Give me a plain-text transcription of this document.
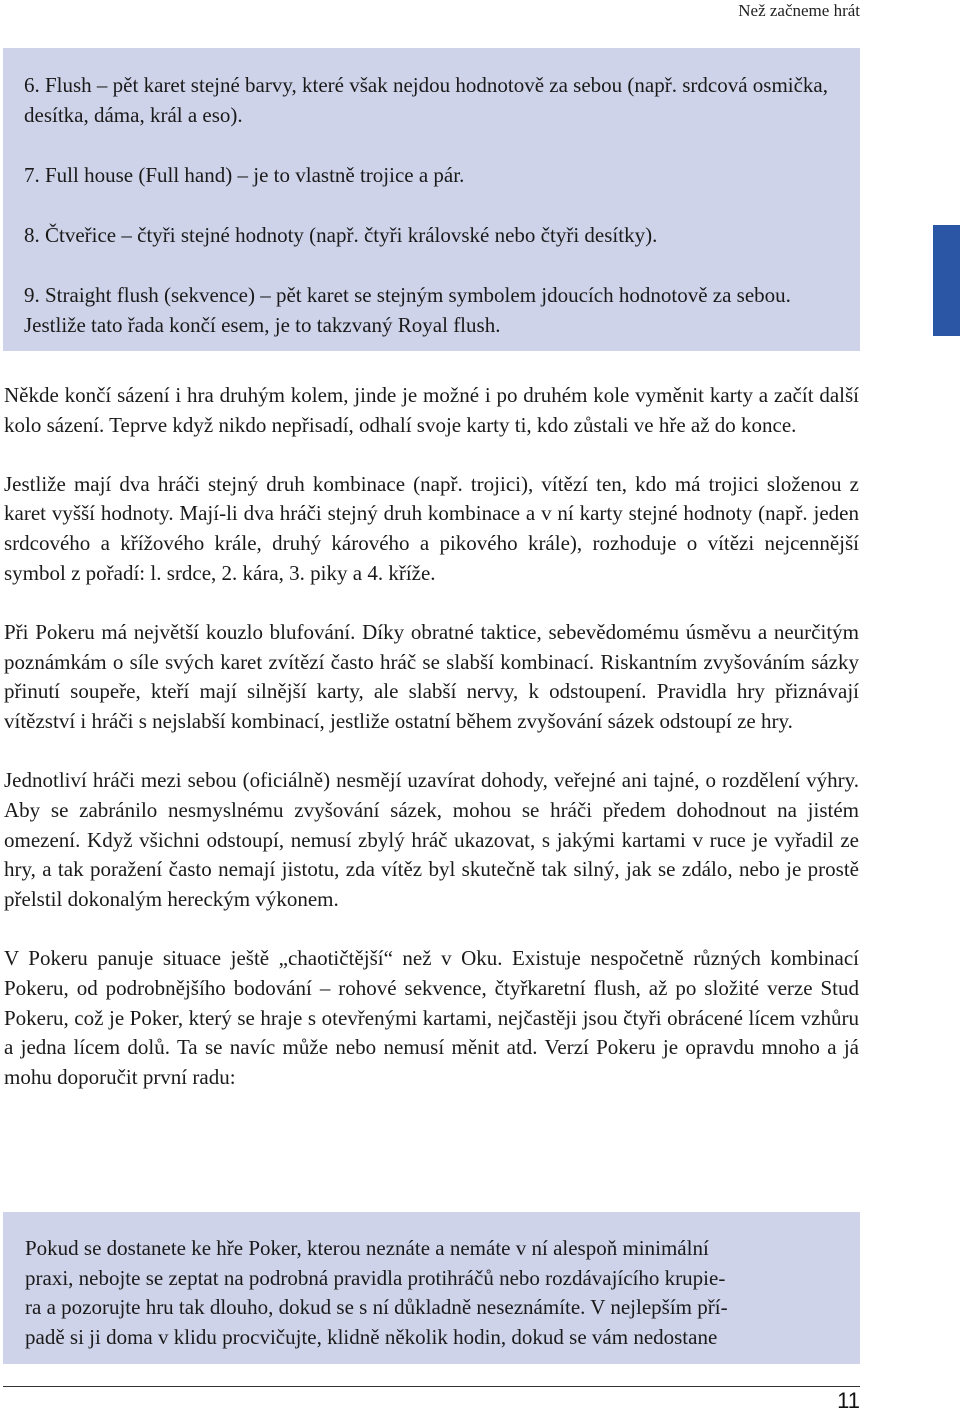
Než začneme hrát

6. Flush – pět karet stejné barvy, které však nejdou hodnotově za sebou (např. srdcová osmička, desítka, dáma, král a eso).

7. Full house (Full hand) – je to vlastně trojice a pár.

8. Čtveřice – čtyři stejné hodnoty (např. čtyři královské nebo čtyři desítky).

9. Straight flush (sekvence) – pět karet se stejným symbolem jdoucích hodnotově za sebou. Jestliže tato řada končí esem, je to takzvaný Royal flush.

Někde končí sázení i hra druhým kolem, jinde je možné i po druhém kole vyměnit karty a začít další kolo sázení. Teprve když nikdo nepřisadí, odhalí svoje karty ti, kdo zůstali ve hře až do konce.

Jestliže mají dva hráči stejný druh kombinace (např. trojici), vítězí ten, kdo má trojici složenou z karet vyšší hodnoty. Mají-li dva hráči stejný druh kombinace a v ní karty stejné hodnoty (např. jeden srdcového a křížového krále, druhý kárového a pikového krále), rozhoduje o vítězi nejcennější symbol z pořadí: l. srdce, 2. kára, 3. piky a 4. kříže.

Při Pokeru má největší kouzlo blufování. Díky obratné taktice, sebevědomému úsměvu a neurčitým poznámkám o síle svých karet zvítězí často hráč se slabší kombinací. Riskantním zvyšováním sázky přinutí soupeře, kteří mají silnější karty, ale slabší nervy, k odstoupení. Pravidla hry přiznávají vítězství i hráči s nejslabší kombinací, jestliže ostatní během zvyšování sázek odstoupí ze hry.

Jednotliví hráči mezi sebou (oficiálně) nesmějí uzavírat dohody, veřejné ani tajné, o rozdělení výhry. Aby se zabránilo nesmyslnému zvyšování sázek, mohou se hráči předem dohodnout na jistém omezení. Když všichni odstoupí, nemusí zbylý hráč ukazovat, s jakými kartami v ruce je vyřadil ze hry, a tak poražení často nemají jistotu, zda vítěz byl skutečně tak silný, jak se zdálo, nebo je prostě přelstil dokonalým hereckým výkonem.

V Pokeru panuje situace ještě „chaotičtější“ než v Oku. Existuje nespočetně různých kombinací Pokeru, od podrobnějšího bodování – rohové sekvence, čtyřkaretní flush, až po složité verze Stud Pokeru, což je Poker, který se hraje s otevřenými kartami, nejčastěji jsou čtyři obrácené lícem vzhůru a jedna lícem dolů. Ta se navíc může nebo nemusí měnit atd. Verzí Pokeru je opravdu mnoho a já mohu doporučit první radu:

Pokud se dostanete ke hře Poker, kterou neznáte a nemáte v ní alespoň minimální

praxi, nebojte se zeptat na podrobná pravidla protihráčů nebo rozdávajícího krupie-

ra a pozorujte hru tak dlouho, dokud se s ní důkladně neseznámíte. V nejlepším pří-

padě si ji doma v klidu procvičujte, klidně několik hodin, dokud se vám nedostane

11
